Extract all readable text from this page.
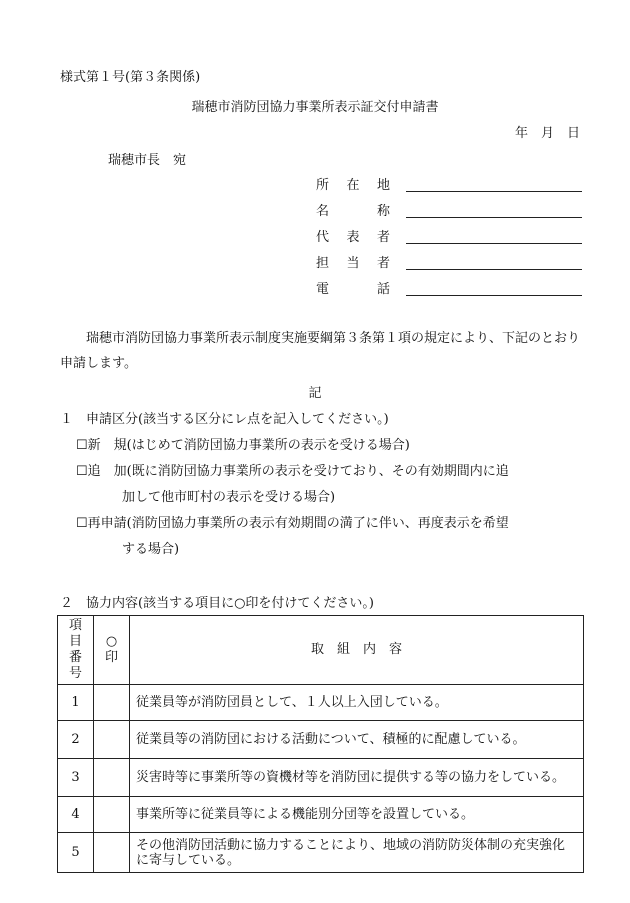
様式第１号(第３条関係)
瑞穂市消防団協力事業所表示証交付申請書
年　月　日
瑞穂市長　宛
所在地
名称
代表者
担当者
電話
瑞穂市消防団協力事業所表示制度実施要綱第３条第１項の規定により、下記のとおり申請します。
記
１　申請区分(該当する区分にレ点を記入してください。)
☐新　規(はじめて消防団協力事業所の表示を受ける場合)
☐追　加(既に消防団協力事業所の表示を受けており、その有効期間内に追
加して他市町村の表示を受ける場合)
☐再申請(消防団協力事業所の表示有効期間の満了に伴い、再度表示を希望
する場合)
２　協力内容(該当する項目に○印を付けてください。)
項目
番号	○印	取　組　内　容
1		従業員等が消防団員として、１人以上入団している。
2		従業員等の消防団における活動について、積極的に配慮している。
3		災害時等に事業所等の資機材等を消防団に提供する等の協力をしている。
4		事業所等に従業員等による機能別分団等を設置している。
5		その他消防団活動に協力することにより、地域の消防防災体制の充実強化に寄与している。
